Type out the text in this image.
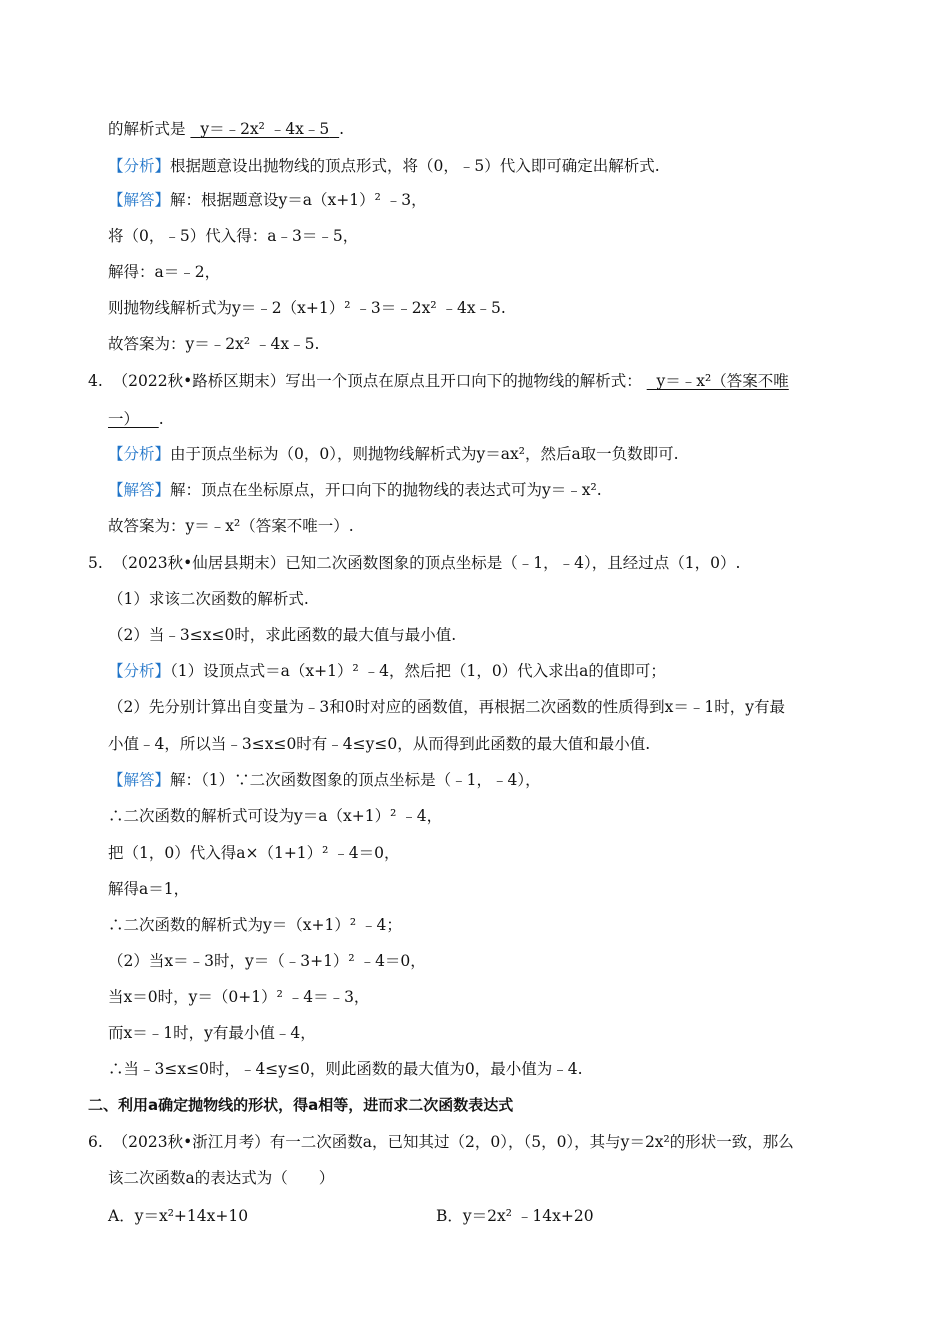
的解析式是 y＝﹣2x² ﹣4x﹣5 .
【分析】根据题意设出抛物线的顶点形式，将（0，﹣5）代入即可确定出解析式.
【解答】解：根据题意设y＝a（x+1）² ﹣3，
将（0，﹣5）代入得：a﹣3＝﹣5，
解得：a＝﹣2，
则抛物线解析式为y＝﹣2（x+1）² ﹣3＝﹣2x² ﹣4x﹣5.
故答案为：y＝﹣2x² ﹣4x﹣5.
4. （2022秋•路桥区期末）写出一个顶点在原点且开口向下的抛物线的解析式： y＝﹣x²（答案不唯
一） .
【分析】由于顶点坐标为（0，0），则抛物线解析式为y＝ax²，然后a取一负数即可.
【解答】解：顶点在坐标原点，开口向下的抛物线的表达式可为y＝﹣x².
故答案为：y＝﹣x²（答案不唯一）.
5. （2023秋•仙居县期末）已知二次函数图象的顶点坐标是（﹣1，﹣4），且经过点（1，0）.
（1）求该二次函数的解析式.
（2）当﹣3≤x≤0时，求此函数的最大值与最小值.
【分析】（1）设顶点式＝a（x+1）² ﹣4，然后把（1，0）代入求出a的值即可；
（2）先分别计算出自变量为﹣3和0时对应的函数值，再根据二次函数的性质得到x＝﹣1时，y有最
小值﹣4，所以当﹣3≤x≤0时有﹣4≤y≤0，从而得到此函数的最大值和最小值.
【解答】解：（1）∵二次函数图象的顶点坐标是（﹣1，﹣4），
∴二次函数的解析式可设为y＝a（x+1）² ﹣4，
把（1，0）代入得a×（1+1）² ﹣4＝0，
解得a＝1，
∴二次函数的解析式为y＝（x+1）² ﹣4；
（2）当x＝﹣3时，y＝（﹣3+1）² ﹣4＝0，
当x＝0时，y＝（0+1）² ﹣4＝﹣3，
而x＝﹣1时，y有最小值﹣4，
∴当﹣3≤x≤0时，﹣4≤y≤0，则此函数的最大值为0，最小值为﹣4.
二、利用a确定抛物线的形状，得a相等，进而求二次函数表达式
6. （2023秋•浙江月考）有一二次函数a，已知其过（2，0），（5，0），其与y＝2x²的形状一致，那么
该二次函数a的表达式为（　　）
A．y＝x²+14x+10	B．y＝2x² ﹣14x+20
